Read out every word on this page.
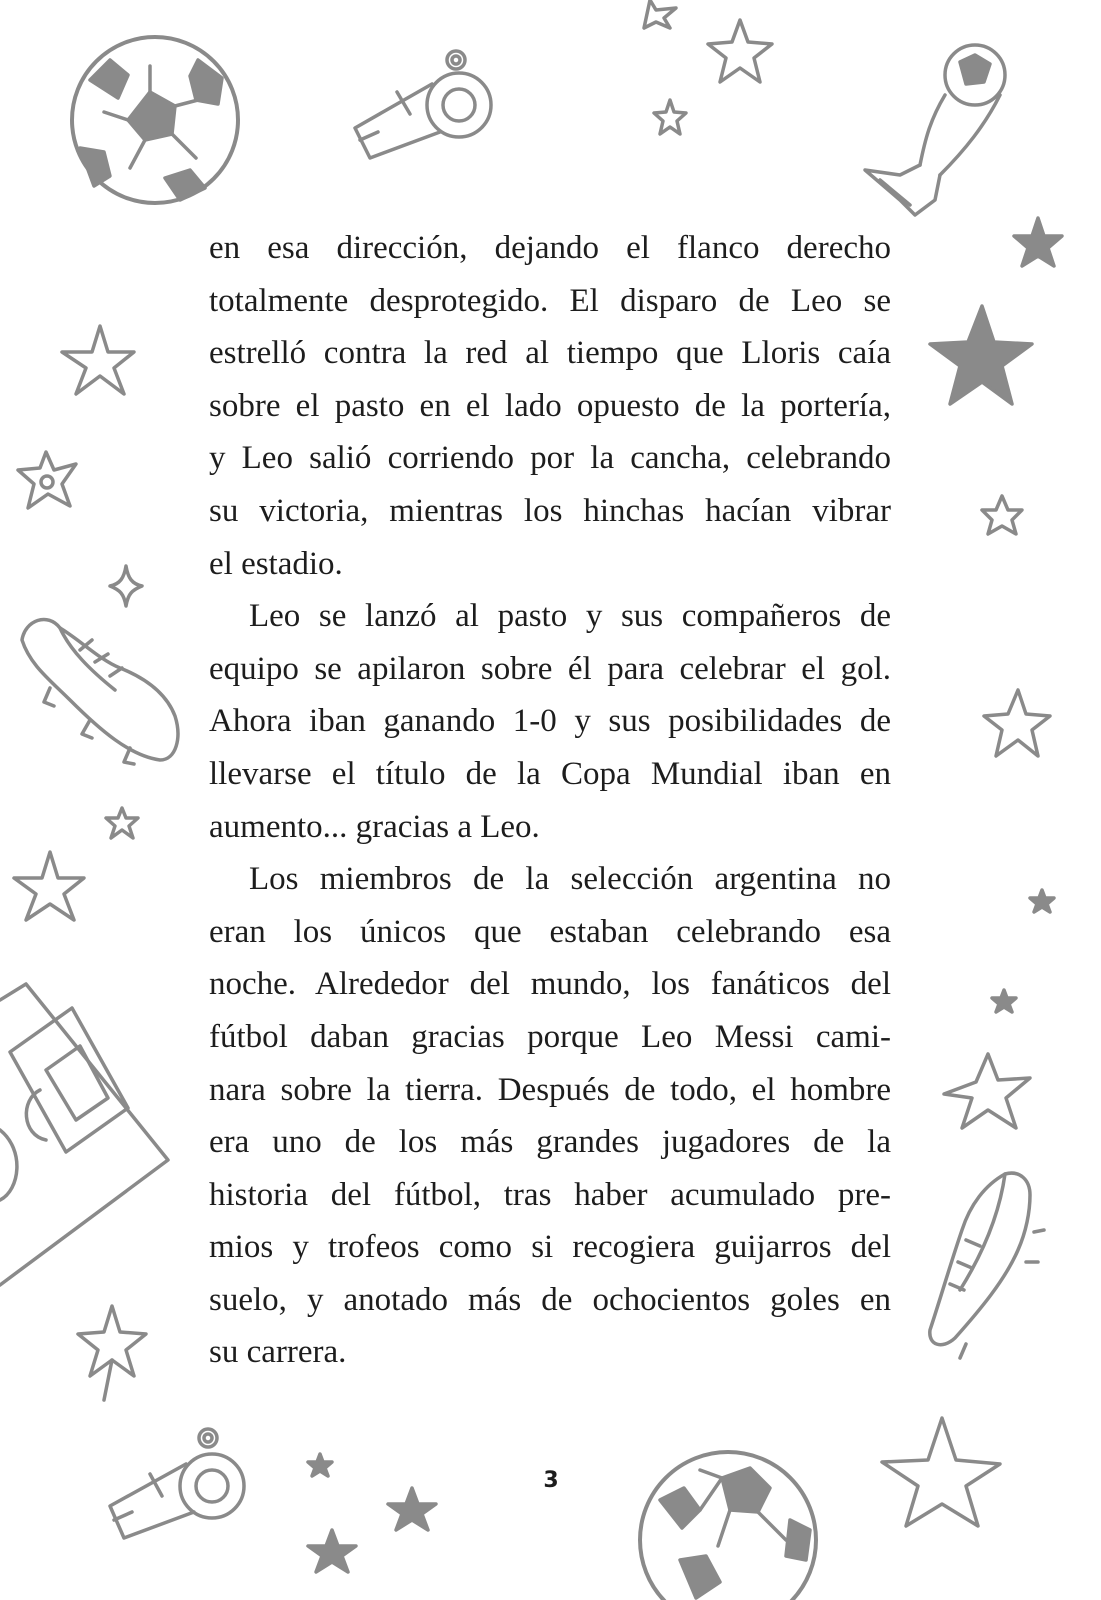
en esa dirección, dejando el flanco derecho
totalmente desprotegido. El disparo de Leo se
estrelló contra la red al tiempo que Lloris caía
sobre el pasto en el lado opuesto de la portería,
y Leo salió corriendo por la cancha, celebrando
su victoria, mientras los hinchas hacían vibrar
el estadio.

Leo se lanzó al pasto y sus compañeros de
equipo se apilaron sobre él para celebrar el gol.
Ahora iban ganando 1-0 y sus posibilidades de
llevarse el título de la Copa Mundial iban en
aumento... gracias a Leo.

Los miembros de la selección argentina no
eran los únicos que estaban celebrando esa
noche. Alrededor del mundo, los fanáticos del
fútbol daban gracias porque Leo Messi cami-
nara sobre la tierra. Después de todo, el hombre
era uno de los más grandes jugadores de la
historia del fútbol, tras haber acumulado pre-
mios y trofeos como si recogiera guijarros del
suelo, y anotado más de ochocientos goles en
su carrera.

3
